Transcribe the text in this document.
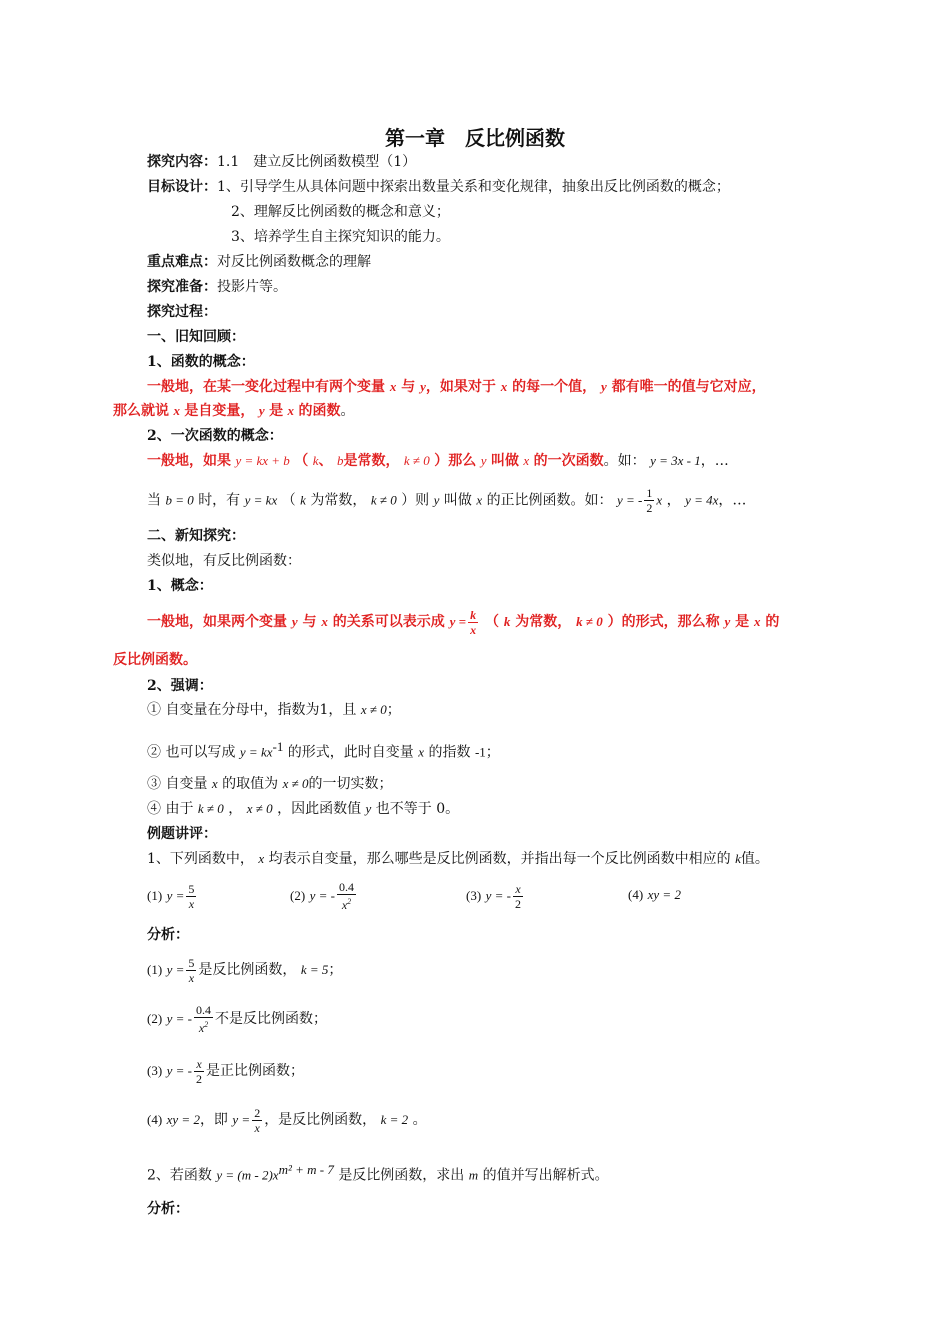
第一章　反比例函数
探究内容：1.1　建立反比例函数模型（1）
目标设计：1、引导学生从具体问题中探索出数量关系和变化规律，抽象出反比例函数的概念；
2、理解反比例函数的概念和意义；
3、培养学生自主探究知识的能力。
重点难点：对反比例函数概念的理解
探究准备：投影片等。
探究过程：
一、旧知回顾：
1、函数的概念：
一般地，在某一变化过程中有两个变量 x 与 y，如果对于 x 的每一个值， y 都有唯一的值与它对应，
那么就说 x 是自变量， y 是 x 的函数。
2、一次函数的概念：
一般地，如果 y = kx + b （ k、 b是常数， k ≠ 0 ）那么 y 叫做 x 的一次函数。如： y = 3x - 1，…
当 b = 0 时，有 y = kx （ k 为常数， k ≠ 0 ）则 y 叫做 x 的正比例函数。如： y = - $\frac{1}{2}$ x ， y = 4x，…
二、新知探究：
类似地，有反比例函数：
1、概念：
一般地，如果两个变量 y 与 x 的关系可以表示成 $y = \frac{k}{x}$ （ k 为常数， k ≠ 0 ）的形式，那么称 y 是 x 的
反比例函数。
2、强调：
① 自变量在分母中，指数为1，且 x ≠ 0；
② 也可以写成 $y = kx^{-1}$ 的形式，此时自变量 x 的指数 -1；
③ 自变量 x 的取值为 x ≠ 0的一切实数；
④ 由于 k ≠ 0 ， x ≠ 0 ，因此函数值 y 也不等于 0。
例题讲评：
1、下列函数中， x 均表示自变量，那么哪些是反比例函数，并指出每一个反比例函数中相应的 k值。
(1) $y = \frac{5}{x}$	(2) y = - $\frac{0.4}{x^2}$	(3) y = - $\frac{x}{2}$	(4) xy = 2
分析：
(1) $y = \frac{5}{x}$ 是反比例函数， k = 5；
(2) y = - $\frac{0.4}{x^2}$ 不是反比例函数；
(3) y = - $\frac{x}{2}$ 是正比例函数；
(4) xy = 2，即 $y = \frac{2}{x}$ ，是反比例函数， k = 2 。
2、若函数 $y = (m - 2)x^{m^2 + m - 7}$ 是反比例函数，求出 m 的值并写出解析式。
分析：
